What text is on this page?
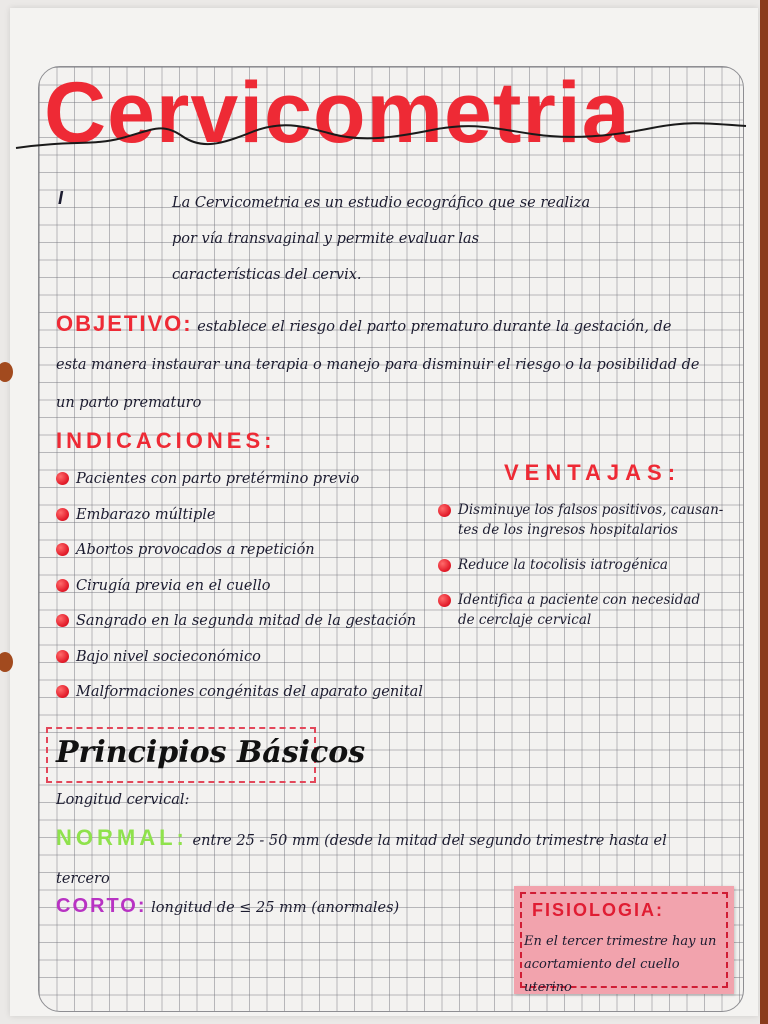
Cervicometria
I	La Cervicometria es un estudio ecográfico que se realiza por vía transvaginal y permite evaluar las características del cervix.

OBJETIVO: establece el riesgo del parto prematuro durante la gestación, de esta manera instaurar una terapia o manejo para disminuir el riesgo o la posibilidad de un parto prematuro

INDICACIONES:
Pacientes con parto pretérmino previo
Embarazo múltiple
Abortos provocados a repetición
Cirugía previa en el cuello
Sangrado en la segunda mitad de la gestación
Bajo nivel socieconómico
Malformaciones congénitas del aparato genital
VENTAJAS:
Disminuye los falsos positivos, causan-
tes de los ingresos hospitalarios
Reduce la tocolisis iatrogénica
Identifica a paciente con necesidad
de cerclaje cervical
Principios Básicos

Longitud cervical:

NORMAL: entre 25 - 50 mm (desde la mitad del segundo trimestre hasta el tercero

CORTO: longitud de ≤ 25 mm (anormales)	FISIOLOGIA:

En el tercer trimestre hay un acortamiento del cuello uterino
